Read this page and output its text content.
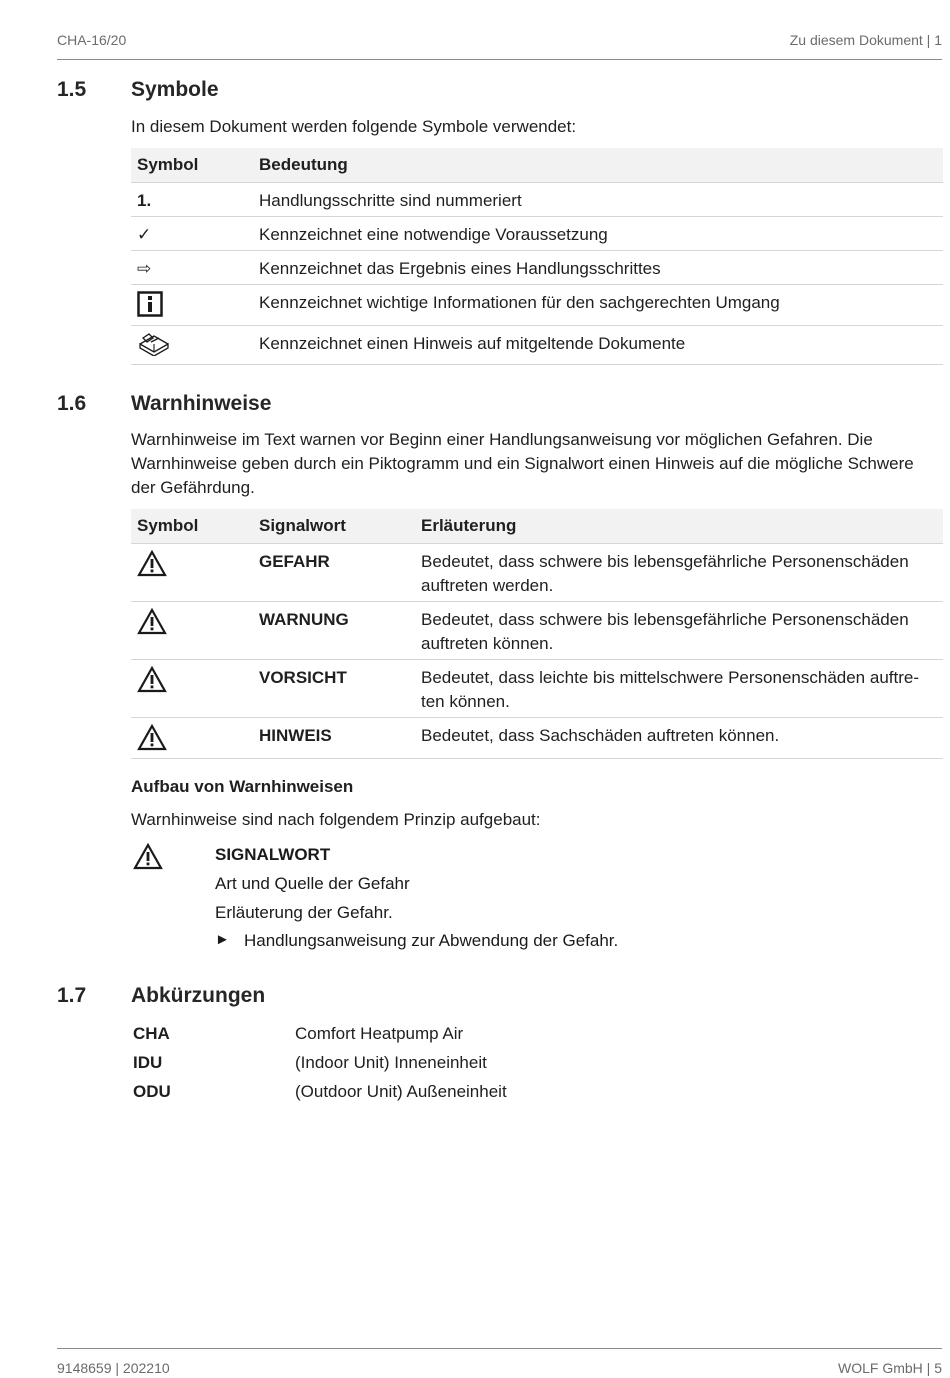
CHA-16/20	Zu diesem Dokument | 1
1.5 Symbole
In diesem Dokument werden folgende Symbole verwendet:
Symbol	Bedeutung
1.	Handlungsschritte sind nummeriert
✓	Kennzeichnet eine notwendige Voraussetzung
⇨	Kennzeichnet das Ergebnis eines Handlungsschrittes

	Kennzeichnet wichtige Informationen für den sachgerechten Umgang

	Kennzeichnet einen Hinweis auf mitgeltende Dokumente
1.6 Warnhinweise
Warnhinweise im Text warnen vor Beginn einer Handlungsanweisung vor möglichen Gefahren. Die Warnhinweise geben durch ein Piktogramm und ein Signalwort einen Hinweis auf die mögliche Schwere der Gefährdung.
Symbol	Signalwort	Erläuterung

	GEFAHR	Bedeutet, dass schwere bis lebensgefährliche Personenschäden auftreten werden.

	WARNUNG	Bedeutet, dass schwere bis lebensgefährliche Personenschäden auftreten können.

	VORSICHT	Bedeutet, dass leichte bis mittelschwere Personenschäden auftre-ten können.

	HINWEIS	Bedeutet, dass Sachschäden auftreten können.
Aufbau von Warnhinweisen
Warnhinweise sind nach folgendem Prinzip aufgebaut:
SIGNALWORT
Art und Quelle der Gefahr
Erläuterung der Gefahr.
► Handlungsanweisung zur Abwendung der Gefahr.
1.7 Abkürzungen
CHA	Comfort Heatpump Air
IDU	(Indoor Unit) Inneneinheit
ODU	(Outdoor Unit) Außeneinheit
9148659 | 202210	WOLF GmbH | 5
